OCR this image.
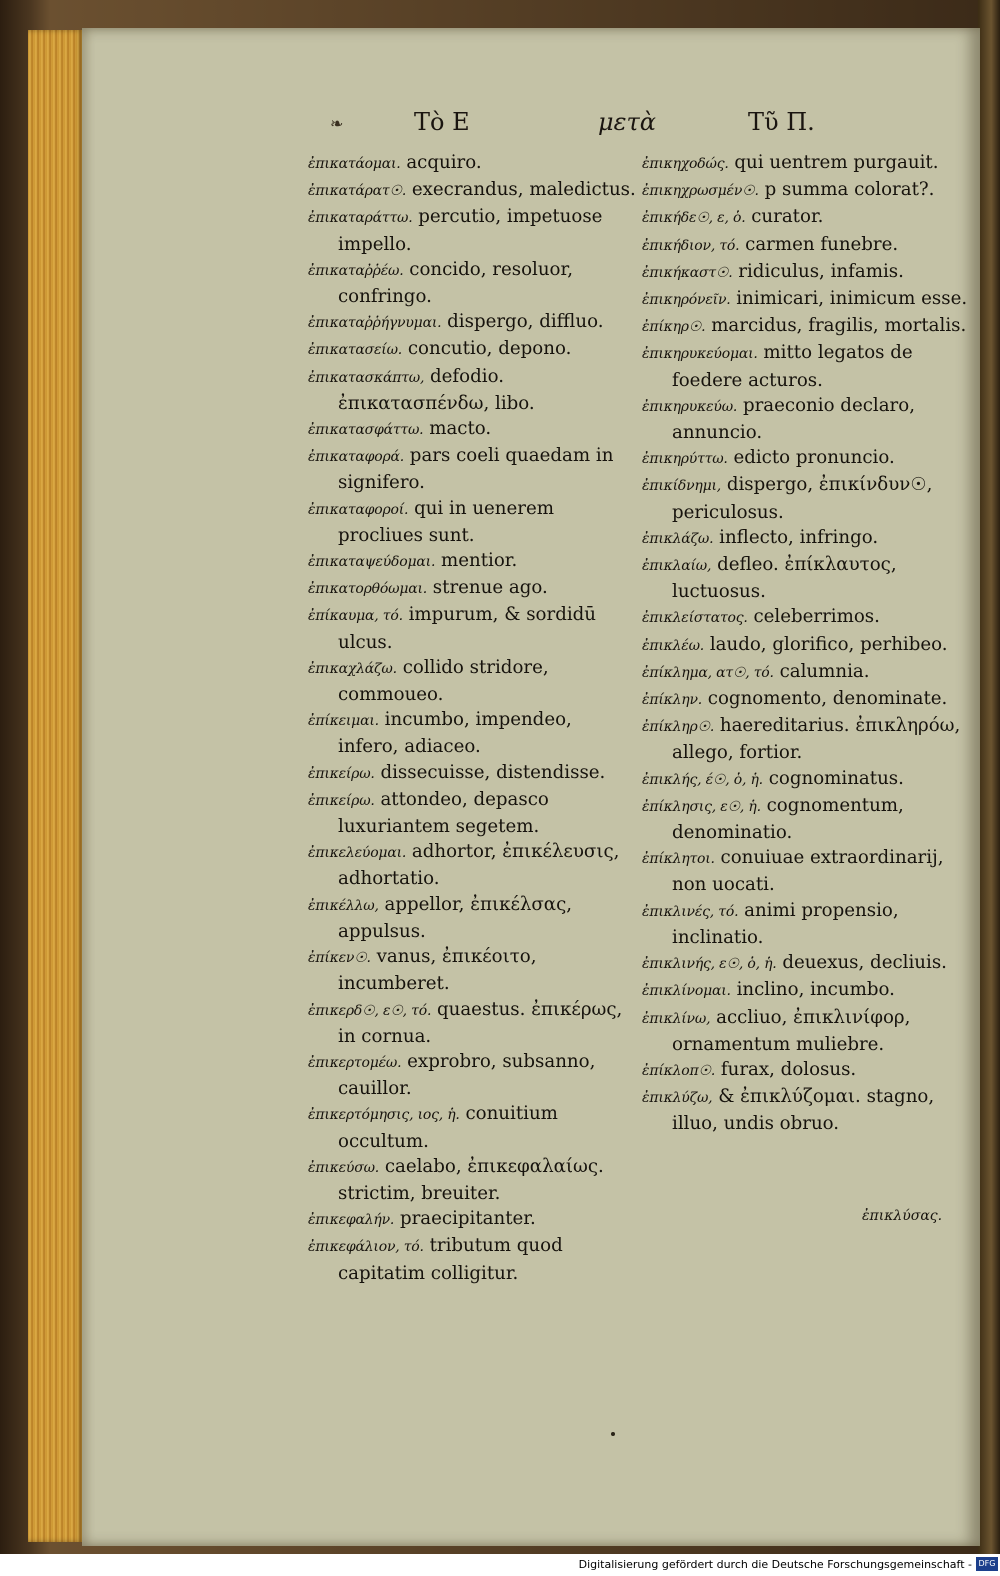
❧	Τὸ Ε	μετὰ	Τῦ Π.

ἐπικατάομαι. acquiro.

ἐπικατάρατ☉. execrandus, maledictus.

ἐπικαταράττω. percutio, impetuose impello.

ἐπικαταῤῥέω. concido, resoluor, confringo.

ἐπικαταῤῥήγνυμαι. dispergo, diffluo.

ἐπικατασείω. concutio, depono.

ἐπικατασκάπτω, defodio. ἐπικατασπένδω, libo.

ἐπικατασφάττω. macto.

ἐπικαταφορά. pars coeli quaedam in signifero.

ἐπικαταφοροί. qui in uenerem procliues sunt.

ἐπικαταψεύδομαι. mentior.

ἐπικατορθόωμαι. strenue ago.

ἐπίκαυμα, τό. impurum, & sordidū ulcus.

ἐπικαχλάζω. collido stridore, commoueo.

ἐπίκειμαι. incumbo, impendeo, infero, adiaceo.

ἐπικείρω. dissecuisse, distendisse.

ἐπικείρω. attondeo, depasco luxuriantem segetem.

ἐπικελεύομαι. adhortor, ἐπικέλευσις, adhortatio.

ἐπικέλλω, appellor, ἐπικέλσας, appulsus.

ἐπίκεν☉. vanus, ἐπικέοιτο, incumberet.

ἐπικερδ☉, ε☉, τό. quaestus. ἐπικέρως, in cornua.

ἐπικερτομέω. exprobro, subsanno, cauillor.

ἐπικερτόμησις, ιος, ἡ. conuitium occultum.

ἐπικεύσω. caelabo, ἐπικεφαλαίως. strictim, breuiter.

ἐπικεφαλήν. praecipitanter.

ἐπικεφάλιον, τό. tributum quod capitatim colligitur.

ἐπικηχοδώς. qui uentrem purgauit.

ἐπικηχρωσμέν☉. p summa colorat?.

ἐπικήδε☉, ε, ὁ. curator.

ἐπικήδιον, τό. carmen funebre.

ἐπικήκαστ☉. ridiculus, infamis.

ἐπικηρόνεῖν. inimicari, inimicum esse.

ἐπίκηρ☉. marcidus, fragilis, mortalis.

ἐπικηρυκεύομαι. mitto legatos de foedere acturos.

ἐπικηρυκεύω. praeconio declaro, annuncio.

ἐπικηρύττω. edicto pronuncio.

ἐπικίδνημι, dispergo, ἐπικίνδυν☉, periculosus.

ἐπικλάζω. inflecto, infringo.

ἐπικλαίω, defleo. ἐπίκλαυτος, luctuosus.

ἐπικλείστατος. celeberrimos.

ἐπικλέω. laudo, glorifico, perhibeo.

ἐπίκλημα, ατ☉, τό. calumnia.

ἐπίκλην. cognomento, denominate.

ἐπίκληρ☉. haereditarius. ἐπικληρόω, allego, fortior.

ἐπικλής, έ☉, ὁ, ἡ. cognominatus.

ἐπίκλησις, ε☉, ἡ. cognomentum, denominatio.

ἐπίκλητοι. conuiuae extraordinarij, non uocati.

ἐπικλινές, τό. animi propensio, inclinatio.

ἐπικλινής, ε☉, ὁ, ἡ. deuexus, decliuis.

ἐπικλίνομαι. inclino, incumbo.

ἐπικλίνω, accliuo, ἐπικλινίφορ, ornamentum muliebre.

ἐπίκλοπ☉. furax, dolosus.

ἐπικλύζω, & ἐπικλύζομαι. stagno, illuo, undis obruo.

ἐπικλύσας.
Digitalisierung gefördert durch die Deutsche Forschungsgemeinschaft - DFG
